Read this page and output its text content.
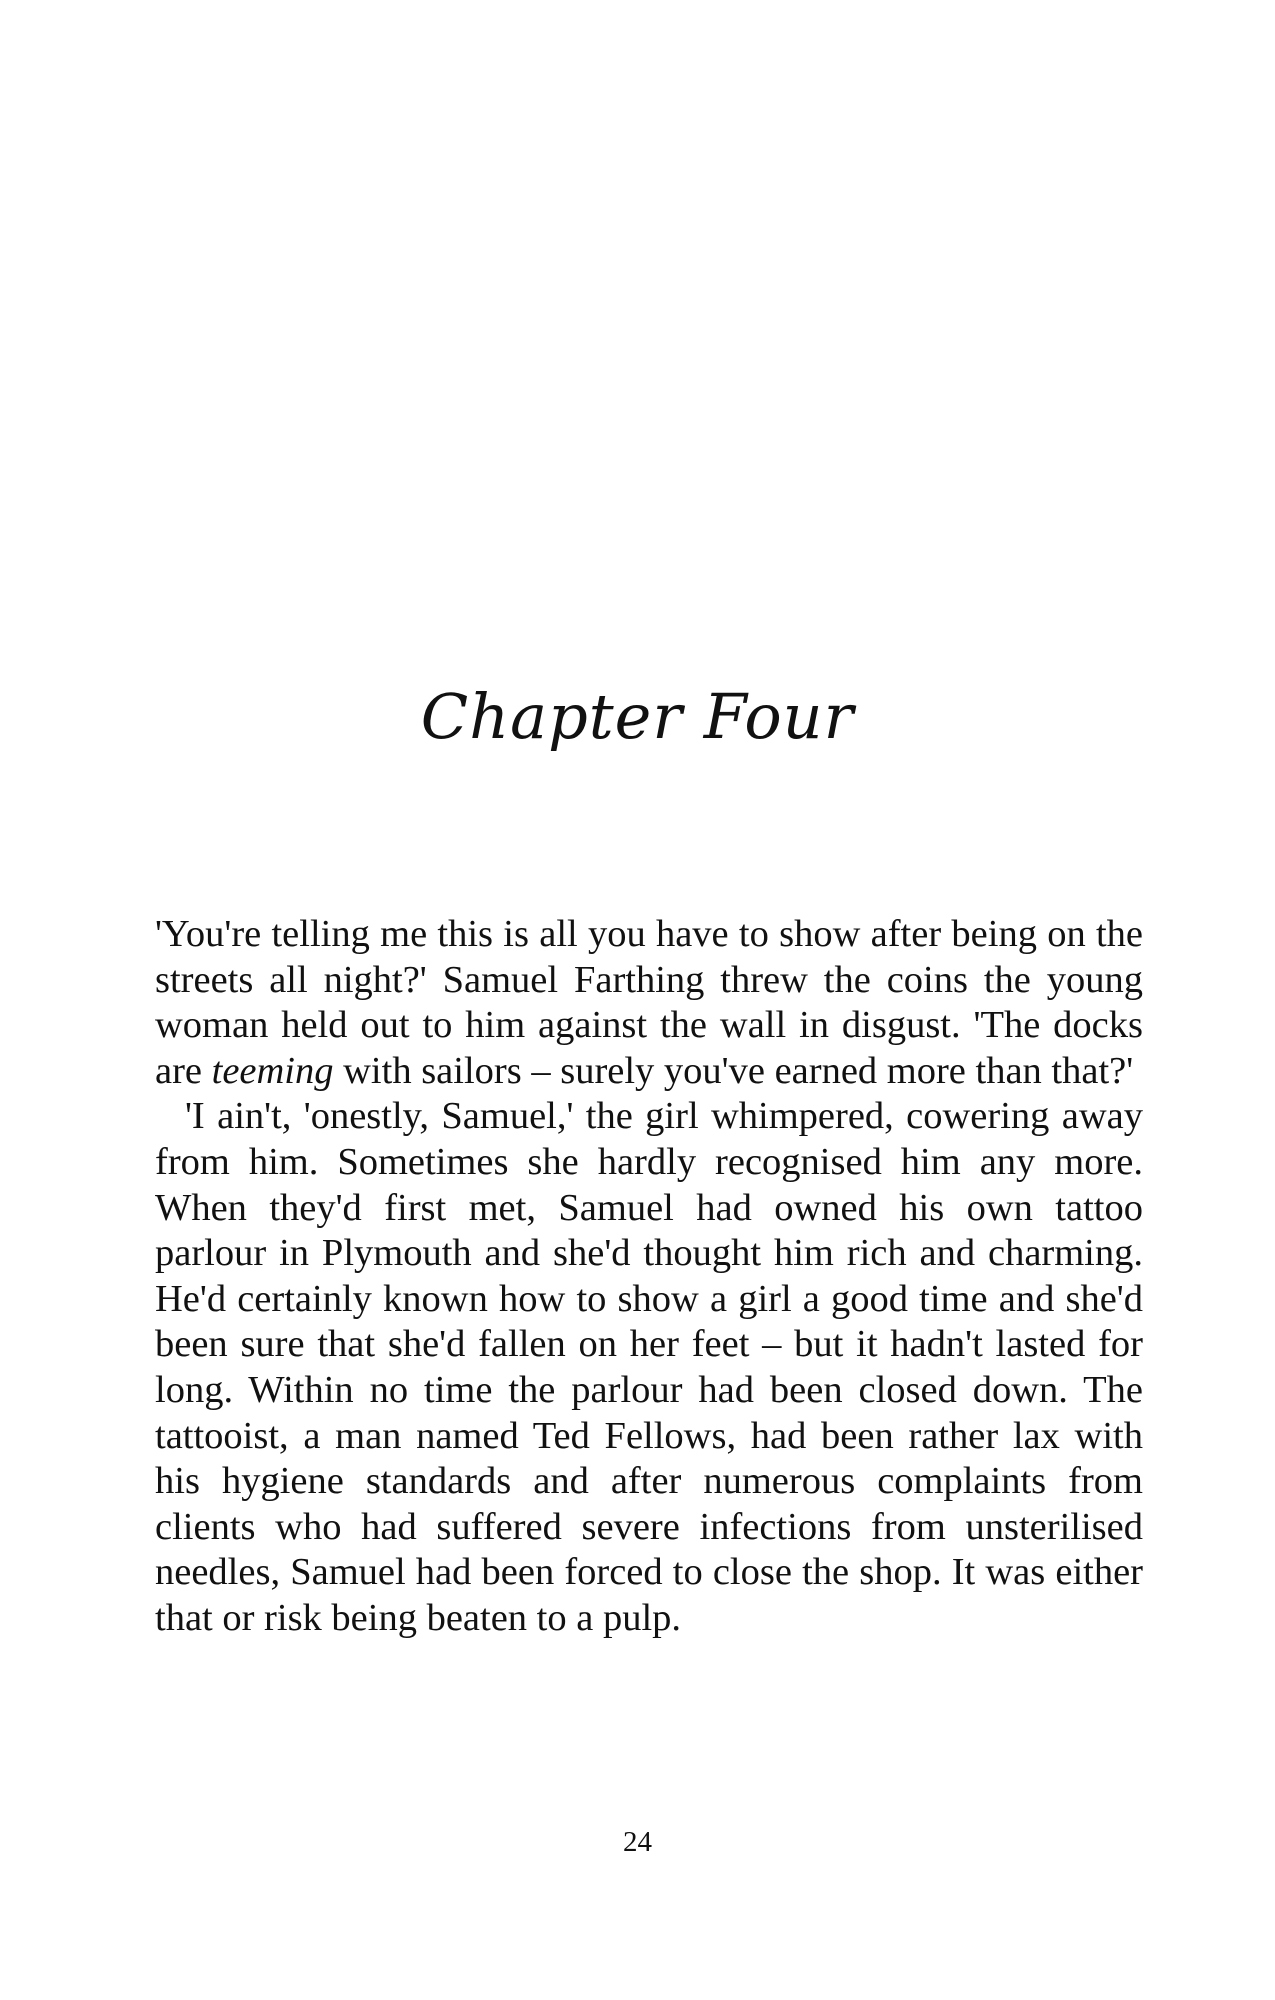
Chapter Four

'You're telling me this is all you have to show after being on the streets all night?' Samuel Farthing threw the coins the young woman held out to him against the wall in disgust. 'The docks are teeming with sailors – surely you've earned more than that?'

'I ain't, 'onestly, Samuel,' the girl whimpered, cowering away from him. Sometimes she hardly recognised him any more. When they'd first met, Samuel had owned his own tattoo parlour in Plymouth and she'd thought him rich and charming. He'd certainly known how to show a girl a good time and she'd been sure that she'd fallen on her feet – but it hadn't lasted for long. Within no time the parlour had been closed down. The tattooist, a man named Ted Fellows, had been rather lax with his hygiene standards and after numerous complaints from clients who had suffered severe infections from unsterilised needles, Samuel had been forced to close the shop. It was either that or risk being beaten to a pulp.

24
